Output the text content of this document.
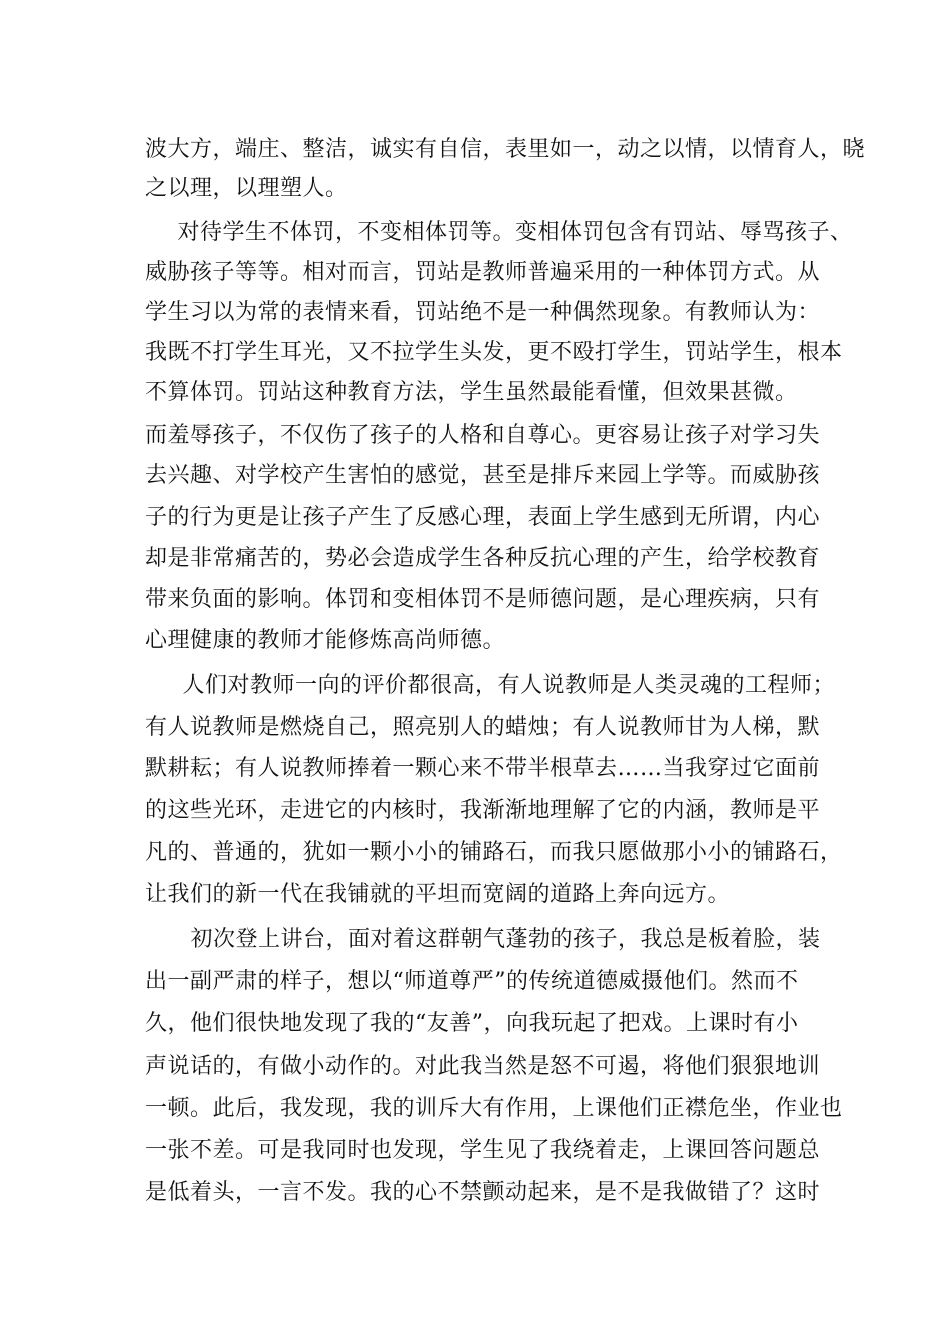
波大方，端庄、整洁，诚实有自信，表里如一，动之以情，以情育人，晓
之以理，以理塑人。
　对待学生不体罚，不变相体罚等。变相体罚包含有罚站、辱骂孩子、
威胁孩子等等。相对而言，罚站是教师普遍采用的一种体罚方式。从
学生习以为常的表情来看，罚站绝不是一种偶然现象。有教师认为：
我既不打学生耳光，又不拉学生头发，更不殴打学生，罚站学生，根本
不算体罚。罚站这种教育方法，学生虽然最能看懂，但效果甚微。
而羞辱孩子，不仅伤了孩子的人格和自尊心。更容易让孩子对学习失
去兴趣、对学校产生害怕的感觉，甚至是排斥来园上学等。而威胁孩
子的行为更是让孩子产生了反感心理，表面上学生感到无所谓，内心
却是非常痛苦的，势必会造成学生各种反抗心理的产生，给学校教育
带来负面的影响。体罚和变相体罚不是师德问题，是心理疾病，只有
心理健康的教师才能修炼高尚师德。
　人们对教师一向的评价都很高，有人说教师是人类灵魂的工程师；
有人说教师是燃烧自己，照亮别人的蜡烛；有人说教师甘为人梯，默
默耕耘；有人说教师捧着一颗心来不带半根草去……当我穿过它面前
的这些光环，走进它的内核时，我渐渐地理解了它的内涵，教师是平
凡的、普通的，犹如一颗小小的铺路石，而我只愿做那小小的铺路石，
让我们的新一代在我铺就的平坦而宽阔的道路上奔向远方。
　初次登上讲台，面对着这群朝气蓬勃的孩子，我总是板着脸，装
出一副严肃的样子，想以“师道尊严”的传统道德威摄他们。然而不
久，他们很快地发现了我的“友善”，向我玩起了把戏。上课时有小
声说话的，有做小动作的。对此我当然是怒不可遏，将他们狠狠地训
一顿。此后，我发现，我的训斥大有作用，上课他们正襟危坐，作业也
一张不差。可是我同时也发现，学生见了我绕着走，上课回答问题总
是低着头，一言不发。我的心不禁颤动起来，是不是我做错了？这时
